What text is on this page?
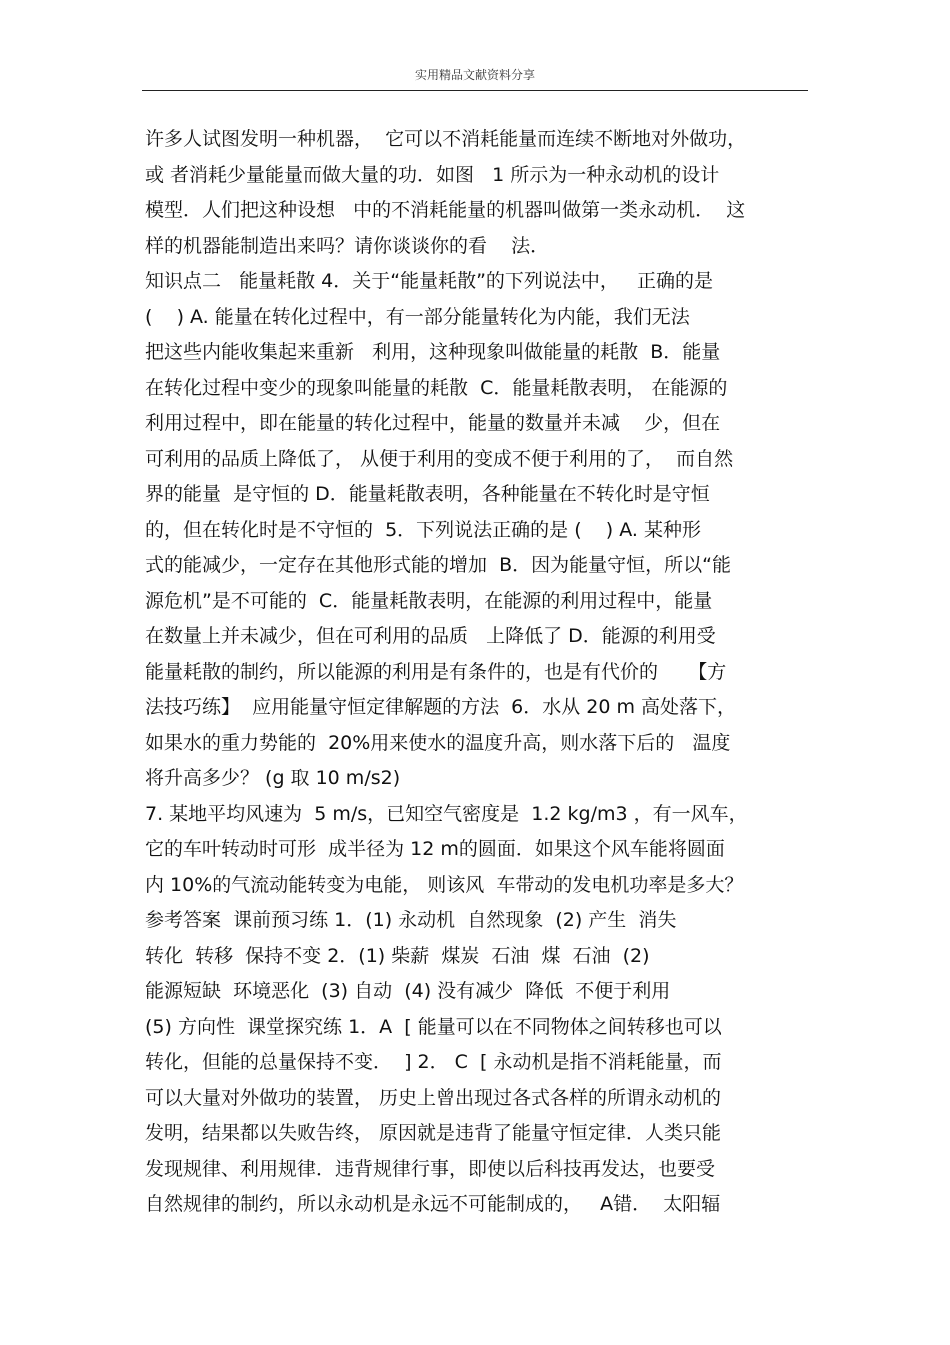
实用精品文献资料分享
许多人试图发明一种机器，  它可以不消耗能量而连续不断地对外做功，
或 者消耗少量能量而做大量的功．如图   1 所示为一种永动机的设计
模型．人们把这种设想   中的不消耗能量的机器叫做第一类永动机．  这
样的机器能制造出来吗？请你谈谈你的看    法．
知识点二   能量耗散 4．关于“能量耗散”的下列说法中，   正确的是
(    ) A. 能量在转化过程中，有一部分能量转化为内能，我们无法
把这些内能收集起来重新   利用，这种现象叫做能量的耗散  B．能量
在转化过程中变少的现象叫能量的耗散  C．能量耗散表明， 在能源的
利用过程中，即在能量的转化过程中，能量的数量并未减    少，但在
可利用的品质上降低了， 从便于利用的变成不便于利用的了，  而自然
界的能量  是守恒的 D．能量耗散表明，各种能量在不转化时是守恒
的，但在转化时是不守恒的  5．下列说法正确的是 (    ) A. 某种形
式的能减少，一定存在其他形式能的增加  B．因为能量守恒，所以“能
源危机”是不可能的  C．能量耗散表明，在能源的利用过程中，能量
在数量上并未减少，但在可利用的品质   上降低了 D．能源的利用受
能量耗散的制约，所以能源的利用是有条件的，也是有代价的     【方
法技巧练】  应用能量守恒定律解题的方法  6．水从 20 m 高处落下，
如果水的重力势能的  20%用来使水的温度升高，则水落下后的   温度
将升高多少？ (g 取 10 m/s2)
7. 某地平均风速为  5 m/s，已知空气密度是  1.2 kg/m3 ，有一风车，
它的车叶转动时可形  成半径为 12 m的圆面．如果这个风车能将圆面
内 10%的气流动能转变为电能， 则该风  车带动的发电机功率是多大？
参考答案  课前预习练 1．(1) 永动机  自然现象  (2) 产生  消失
转化  转移  保持不变 2．(1) 柴薪  煤炭  石油  煤  石油  (2)
能源短缺  环境恶化  (3) 自动  (4) 没有减少  降低  不便于利用
(5) 方向性  课堂探究练 1．A  [ 能量可以在不同物体之间转移也可以
转化，但能的总量保持不变．  ] 2． C  [ 永动机是指不消耗能量，而
可以大量对外做功的装置， 历史上曾出现过各式各样的所谓永动机的
发明，结果都以失败告终， 原因就是违背了能量守恒定律．人类只能
发现规律、利用规律．违背规律行事，即使以后科技再发达，也要受
自然规律的制约，所以永动机是永远不可能制成的，   A错．  太阳辐
